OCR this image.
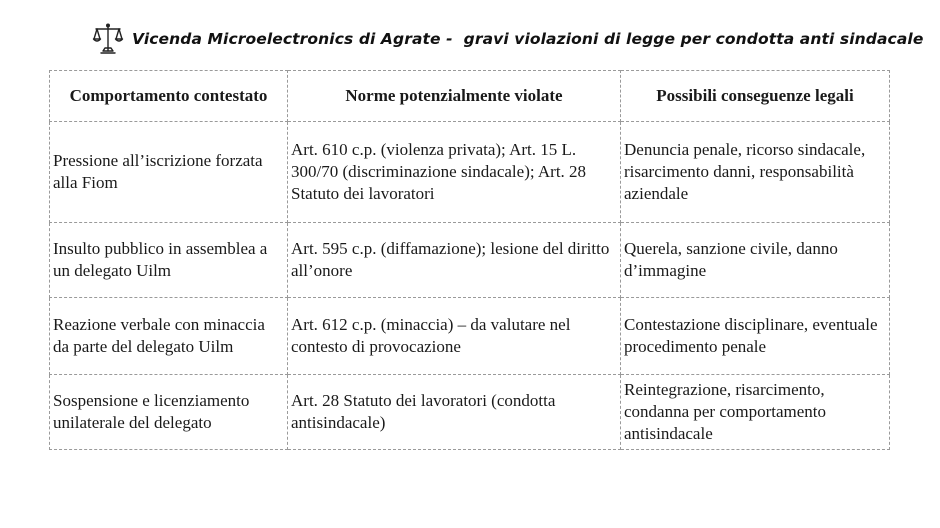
Vicenda Microelectronics di Agrate -  gravi violazioni di legge per condotta anti sindacale
Comportamento contestato	Norme potenzialmente violate	Possibili conseguenze legali
Pressione all’iscrizione forzata alla Fiom	Art. 610 c.p. (violenza privata); Art. 15 L. 300/70 (discriminazione sindacale); Art. 28 Statuto dei lavoratori	Denuncia penale, ricorso sindacale, risarcimento danni, responsabilità aziendale
Insulto pubblico in assemblea a un delegato Uilm	Art. 595 c.p. (diffamazione); lesione del diritto all’onore	Querela, sanzione civile, danno d’immagine
Reazione verbale con minaccia da parte del delegato Uilm	Art. 612 c.p. (minaccia) – da valutare nel contesto di provocazione	Contestazione disciplinare, eventuale procedimento penale
Sospensione e licenziamento unilaterale del delegato	Art. 28 Statuto dei lavoratori (condotta antisindacale)	Reintegrazione, risarcimento, condanna per comportamento antisindacale
